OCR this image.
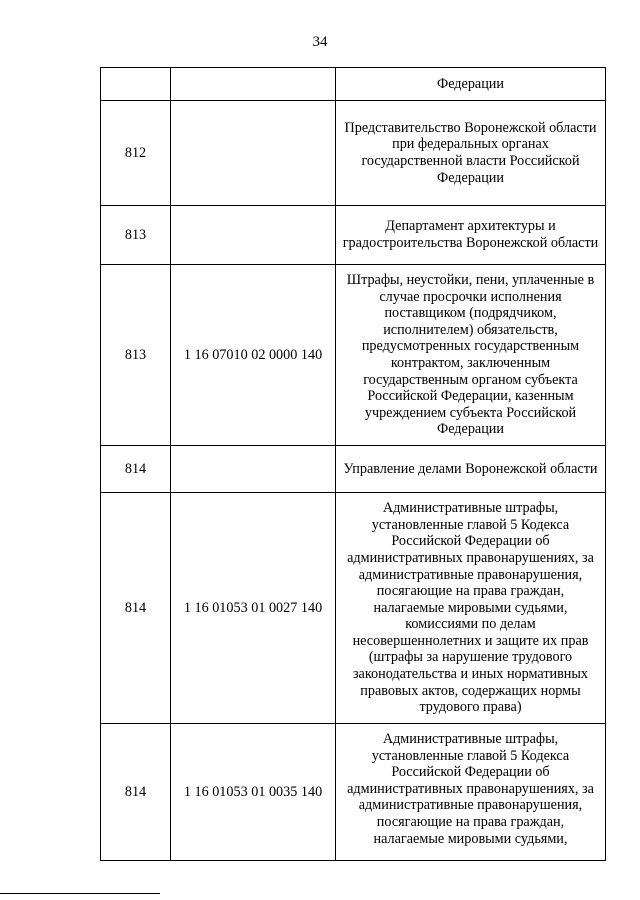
34
		Федерации
812		Представительство Воронежской области при федеральных органах государственной власти Российской Федерации
813		Департамент архитектуры и градостроительства Воронежской области
813	1 16 07010 02 0000 140	Штрафы, неустойки, пени, уплаченные в случае просрочки исполнения поставщиком (подрядчиком, исполнителем) обязательств, предусмотренных государственным контрактом, заключенным государственным органом субъекта Российской Федерации, казенным учреждением субъекта Российской Федерации
814		Управление делами Воронежской области
814	1 16 01053 01 0027 140	Административные штрафы, установленные главой 5 Кодекса Российской Федерации об административных правонарушениях, за административные правонарушения, посягающие на права граждан, налагаемые мировыми судьями, комиссиями по делам несовершеннолетних и защите их прав (штрафы за нарушение трудового законодательства и иных нормативных правовых актов, содержащих нормы трудового права)
814	1 16 01053 01 0035 140	Административные штрафы, установленные главой 5 Кодекса Российской Федерации об административных правонарушениях, за административные правонарушения, посягающие на права граждан, налагаемые мировыми судьями,
